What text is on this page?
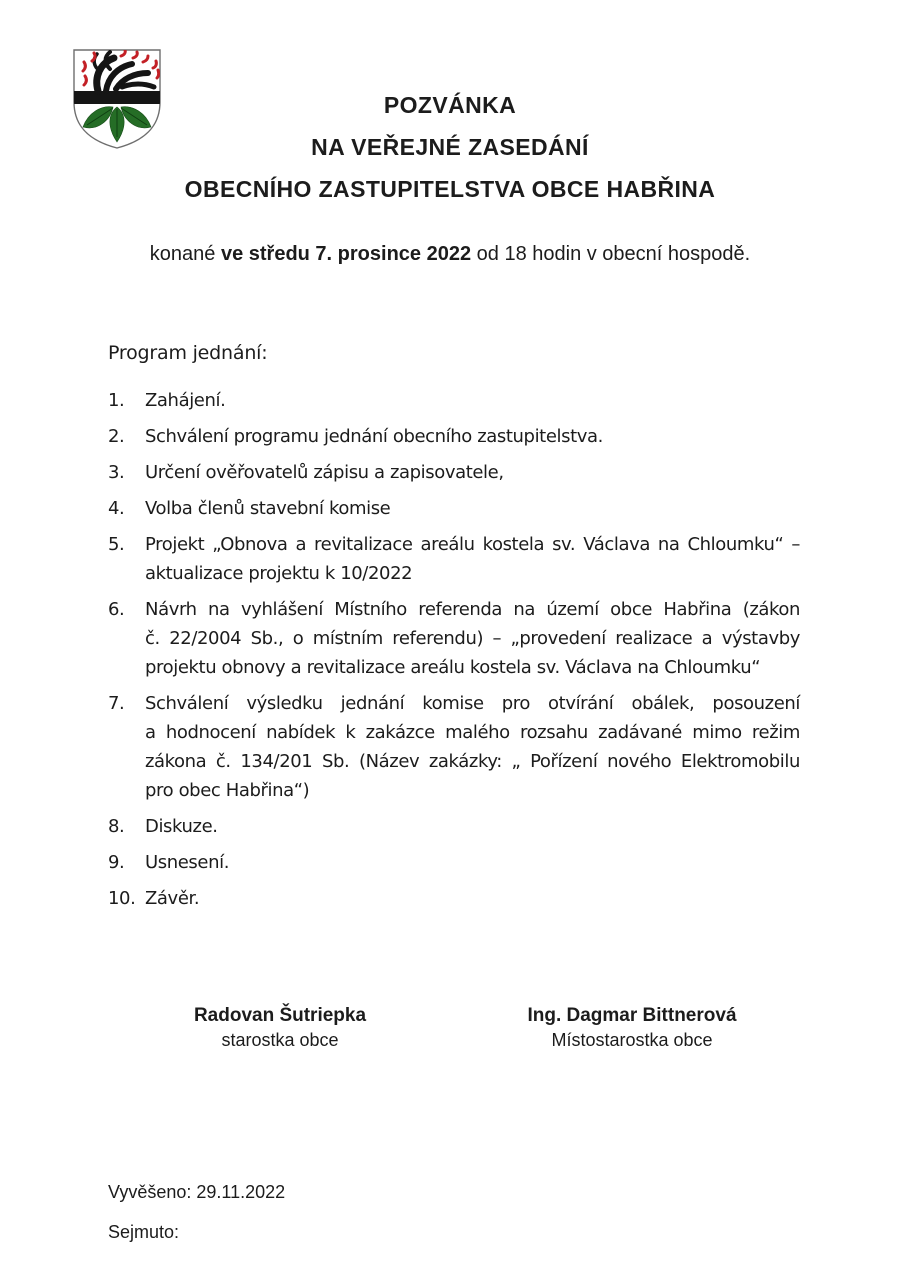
POZVÁNKA
NA VEŘEJNÉ ZASEDÁNÍ
OBECNÍHO ZASTUPITELSTVA OBCE HABŘINA
konané ve středu 7. prosince 2022 od 18 hodin v obecní hospodě.
Program jednání:
1.	Zahájení.
2.	Schválení programu jednání obecního zastupitelstva.
3.	Určení ověřovatelů zápisu a zapisovatele,
4.	Volba členů stavební komise
5.	Projekt „Obnova a revitalizace areálu kostela sv. Václava na Chloumku“ –
aktualizace projektu k 10/2022
6.	Návrh na vyhlášení Místního referenda na území obce Habřina (zákon
č. 22/2004 Sb., o místním referendu) – „provedení realizace a výstavby
projektu obnovy a revitalizace areálu kostela sv. Václava na Chloumku“
7.	Schválení výsledku jednání komise pro otvírání obálek, posouzení
a hodnocení nabídek k zakázce malého rozsahu zadávané mimo režim
zákona č. 134/201 Sb. (Název zakázky: „ Pořízení nového Elektromobilu
pro obec Habřina“)
8.	Diskuze.
9.	Usnesení.
10. Závěr.
Radovan Šutriepka
starostka obce
Ing. Dagmar Bittnerová
Místostarostka obce
Vyvěšeno: 29.11.2022
Sejmuto:
